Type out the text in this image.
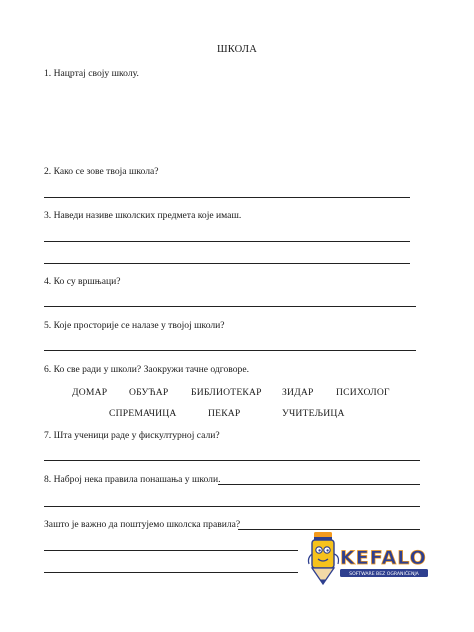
ШКОЛА
1. Нацртај своју школу.
2. Како се зове твоја школа?
3. Наведи називе школских предмета које имаш.
4. Ко су вршњаци?
5. Које просторије се налазе у твојој школи?
6. Ко све ради у школи? Заокружи тачне одговоре.
ДОМАР ОБУЋАР БИБЛИОТЕКАР ЗИДАР ПСИХОЛОГ
СПРЕМАЧИЦА	ПЕКАР	УЧИТЕЉИЦА
7. Шта ученици раде у фискултурној сали?
8. Наброј нека правила понашања у школи.
Зашто је важно да поштујемо школска правила?
KEFALO
SOFTWARE BEZ OGRANIČENJA
